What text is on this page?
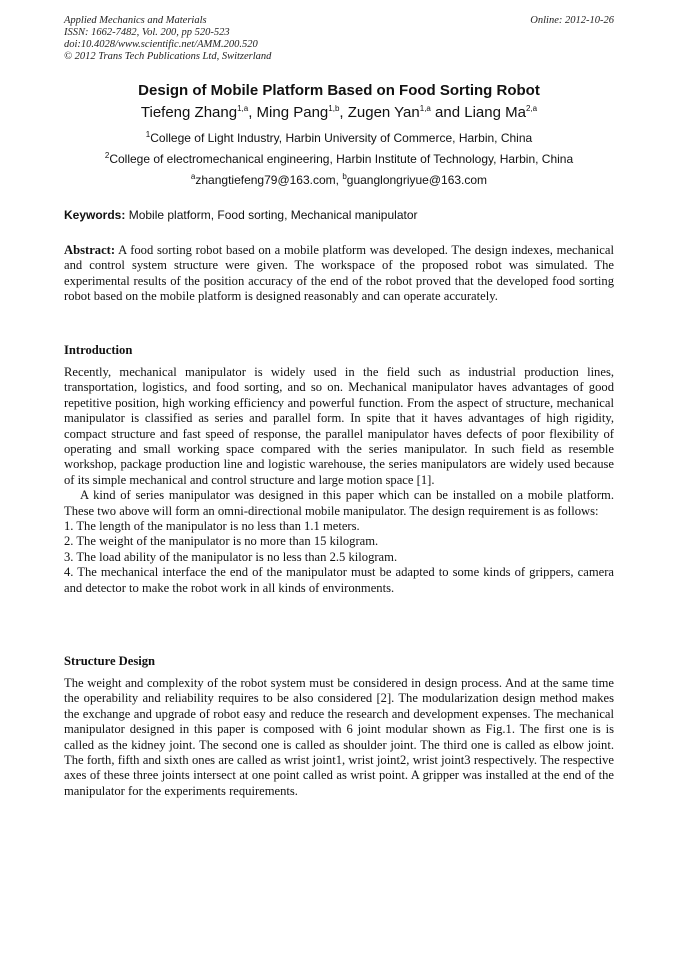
Applied Mechanics and Materials
ISSN: 1662-7482, Vol. 200, pp 520-523
doi:10.4028/www.scientific.net/AMM.200.520
© 2012 Trans Tech Publications Ltd, Switzerland
Online: 2012-10-26
Design of Mobile Platform Based on Food Sorting Robot
Tiefeng Zhang$^{1,a}$, Ming Pang$^{1,b}$, Zugen Yan$^{1,a}$ and Liang Ma$^{2,a}$
$^1$College of Light Industry, Harbin University of Commerce, Harbin, China
$^2$College of electromechanical engineering, Harbin Institute of Technology, Harbin, China
$^a$zhangtiefeng79@163.com, $^b$guanglongriyue@163.com
Keywords: Mobile platform, Food sorting, Mechanical manipulator
Abstract: A food sorting robot based on a mobile platform was developed. The design indexes, mechanical and control system structure were given. The workspace of the proposed robot was simulated. The experimental results of the position accuracy of the end of the robot proved that the developed food sorting robot based on the mobile platform is designed reasonably and can operate accurately.
Introduction
Recently, mechanical manipulator is widely used in the field such as industrial production lines, transportation, logistics, and food sorting, and so on. Mechanical manipulator haves advantages of good repetitive position, high working efficiency and powerful function. From the aspect of structure, mechanical manipulator is classified as series and parallel form. In spite that it haves advantages of high rigidity, compact structure and fast speed of response, the parallel manipulator haves defects of poor flexibility of operating and small working space compared with the series manipulator. In such field as resemble workshop, package production line and logistic warehouse, the series manipulators are widely used because of its simple mechanical and control structure and large motion space [1].
A kind of series manipulator was designed in this paper which can be installed on a mobile platform. These two above will form an omni-directional mobile manipulator. The design requirement is as follows:
1. The length of the manipulator is no less than 1.1 meters.
2. The weight of the manipulator is no more than 15 kilogram.
3. The load ability of the manipulator is no less than 2.5 kilogram.
4. The mechanical interface the end of the manipulator must be adapted to some kinds of grippers, camera and detector to make the robot work in all kinds of environments.
Structure Design
The weight and complexity of the robot system must be considered in design process. And at the same time the operability and reliability requires to be also considered [2]. The modularization design method makes the exchange and upgrade of robot easy and reduce the research and development expenses. The mechanical manipulator designed in this paper is composed with 6 joint modular shown as Fig.1. The first one is is called as the kidney joint. The second one is called as shoulder joint. The third one is called as elbow joint. The forth, fifth and sixth ones are called as wrist joint1, wrist joint2, wrist joint3 respectively. The respective axes of these three joints intersect at one point called as wrist point. A gripper was installed at the end of the manipulator for the experiments requirements.
